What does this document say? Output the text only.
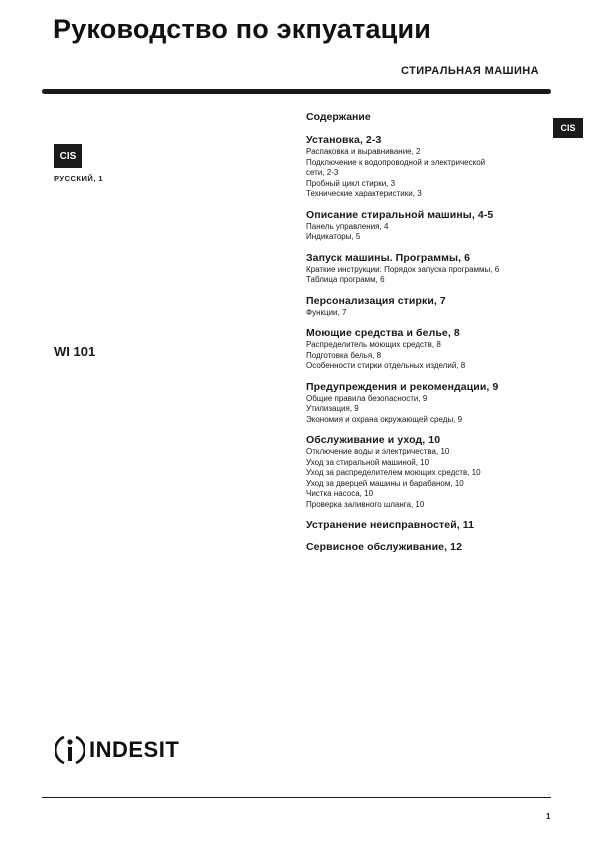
Руководство по экпуатации
СТИРАЛЬНАЯ МАШИНА
CIS
РУССКИЙ, 1
CIS
WI 101
Содержание
Установка, 2-3
Распаковка и выравнивание, 2
Подключение к водопроводной и электрической
сети, 2-3
Пробный цикл стирки, 3
Технические характеристики, 3
Описание стиральной машины, 4-5
Панель управления, 4
Индикаторы, 5
Запуск машины. Программы, 6
Краткие инструкции: Порядок запуска программы, 6
Таблица программ, 6
Персонализация стирки, 7
Функции, 7
Моющие средства и белье, 8
Распределитель моющих средств, 8
Подготовка белья, 8
Особенности стирки отдельных изделий, 8
Предупреждения и рекомендации, 9
Общие правила безопасности, 9
Утилизация, 9
Экономия и охрана окружающей среды, 9
Обслуживание и уход, 10
Отключение воды и электричества, 10
Уход за стиральной машиной, 10
Уход за распределителем моющих средств, 10
Уход за дверцей машины и барабаном, 10
Чистка насоса, 10
Проверка заливного шланга, 10
Устранение неисправностей, 11
Сервисное обслуживание, 12
INDESIT
1
